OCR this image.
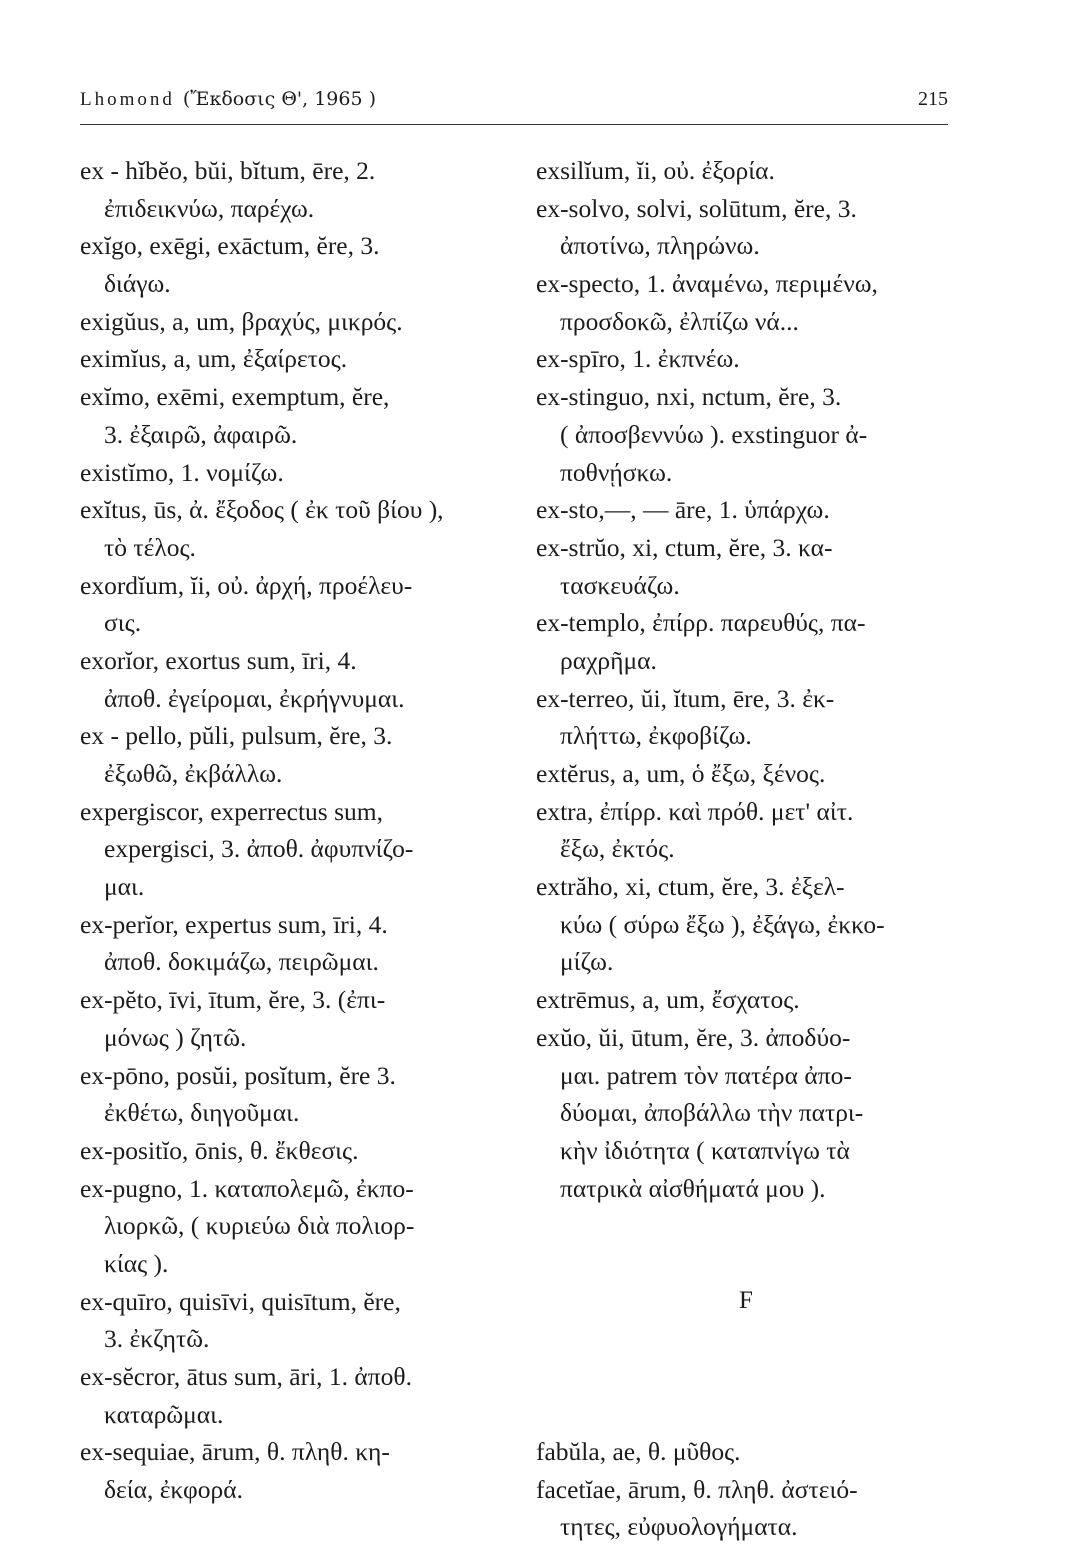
Lhomond (Ἔκδοσις Θ', 1965 )	215
ex - hĭbĕo, bŭi, bĭtum, ēre, 2.
ἐπιδεικνύω, παρέχω.
exĭgo, exēgi, exāctum, ĕre, 3.
διάγω.
exigŭus, a, um, βραχύς, μικρός.
eximĭus, a, um, ἐξαίρετος.
exĭmo, exēmi, exemptum, ĕre,
3. ἐξαιρῶ, ἀφαιρῶ.
existĭmo, 1. νομίζω.
exĭtus, ūs, ἀ. ἔξοδος ( ἐκ τοῦ βίου ),
τὸ τέλος.
exordĭum, ĭi, οὐ. ἀρχή, προέλευ-
σις.
exorĭor, exortus sum, īri, 4.
ἀποθ. ἐγείρομαι, ἐκρήγνυμαι.
ex - pello, pŭli, pulsum, ĕre, 3.
ἐξωθῶ, ἐκβάλλω.
expergiscor, experrectus sum,
expergisci, 3. ἀποθ. ἀφυπνίζο-
μαι.
ex-perĭor, expertus sum, īri, 4.
ἀποθ. δοκιμάζω, πειρῶμαι.
ex-pĕto, īvi, ītum, ĕre, 3. (ἐπι-
μόνως ) ζητῶ.
ex-pōno, posŭi, posĭtum, ĕre 3.
ἐκθέτω, διηγοῦμαι.
ex-positĭo, ōnis, θ. ἔκθεσις.
ex-pugno, 1. καταπολεμῶ, ἐκπο-
λιορκῶ, ( κυριεύω διὰ πολιορ-
κίας ).
ex-quīro, quisīvi, quisītum, ĕre,
3. ἐκζητῶ.
ex-sĕcror, ātus sum, āri, 1. ἀποθ.
καταρῶμαι.
ex-sequiae, ārum, θ. πληθ. κη-
δεία, ἐκφορά.
exsilĭum, ĭi, οὐ. ἐξορία.
ex-solvo, solvi, solūtum, ĕre, 3.
ἀποτίνω, πληρώνω.
ex-specto, 1. ἀναμένω, περιμένω,
προσδοκῶ, ἐλπίζω νά...
ex-spīro, 1. ἐκπνέω.
ex-stinguo, nxi, nctum, ĕre, 3.
( ἀποσβεννύω ). exstinguor ἀ-
ποθνῄσκω.
ex-sto,—, — āre, 1. ὑπάρχω.
ex-strŭo, xi, ctum, ĕre, 3. κα-
τασκευάζω.
ex-templo, ἐπίρρ. παρευθύς, πα-
ραχρῆμα.
ex-terreo, ŭi, ĭtum, ēre, 3. ἐκ-
πλήττω, ἐκφοβίζω.
extĕrus, a, um, ὁ ἔξω, ξένος.
extra, ἐπίρρ. καὶ πρόθ. μετ' αἰτ.
ἔξω, ἐκτός.
extrăho, xi, ctum, ĕre, 3. ἐξελ-
κύω ( σύρω ἔξω ), ἐξάγω, ἐκκο-
μίζω.
extrēmus, a, um, ἔσχατος.
exŭo, ŭi, ūtum, ĕre, 3. ἀποδύο-
μαι. patrem τὸν πατέρα ἀπο-
δύομαι, ἀποβάλλω τὴν πατρι-
κὴν ἰδιότητα ( καταπνίγω τὰ
πατρικὰ αἰσθήματά μου ).
F
fabŭla, ae, θ. μῦθος.
facetĭae, ārum, θ. πληθ. ἀστειό-
τητες, εὐφυολογήματα.
